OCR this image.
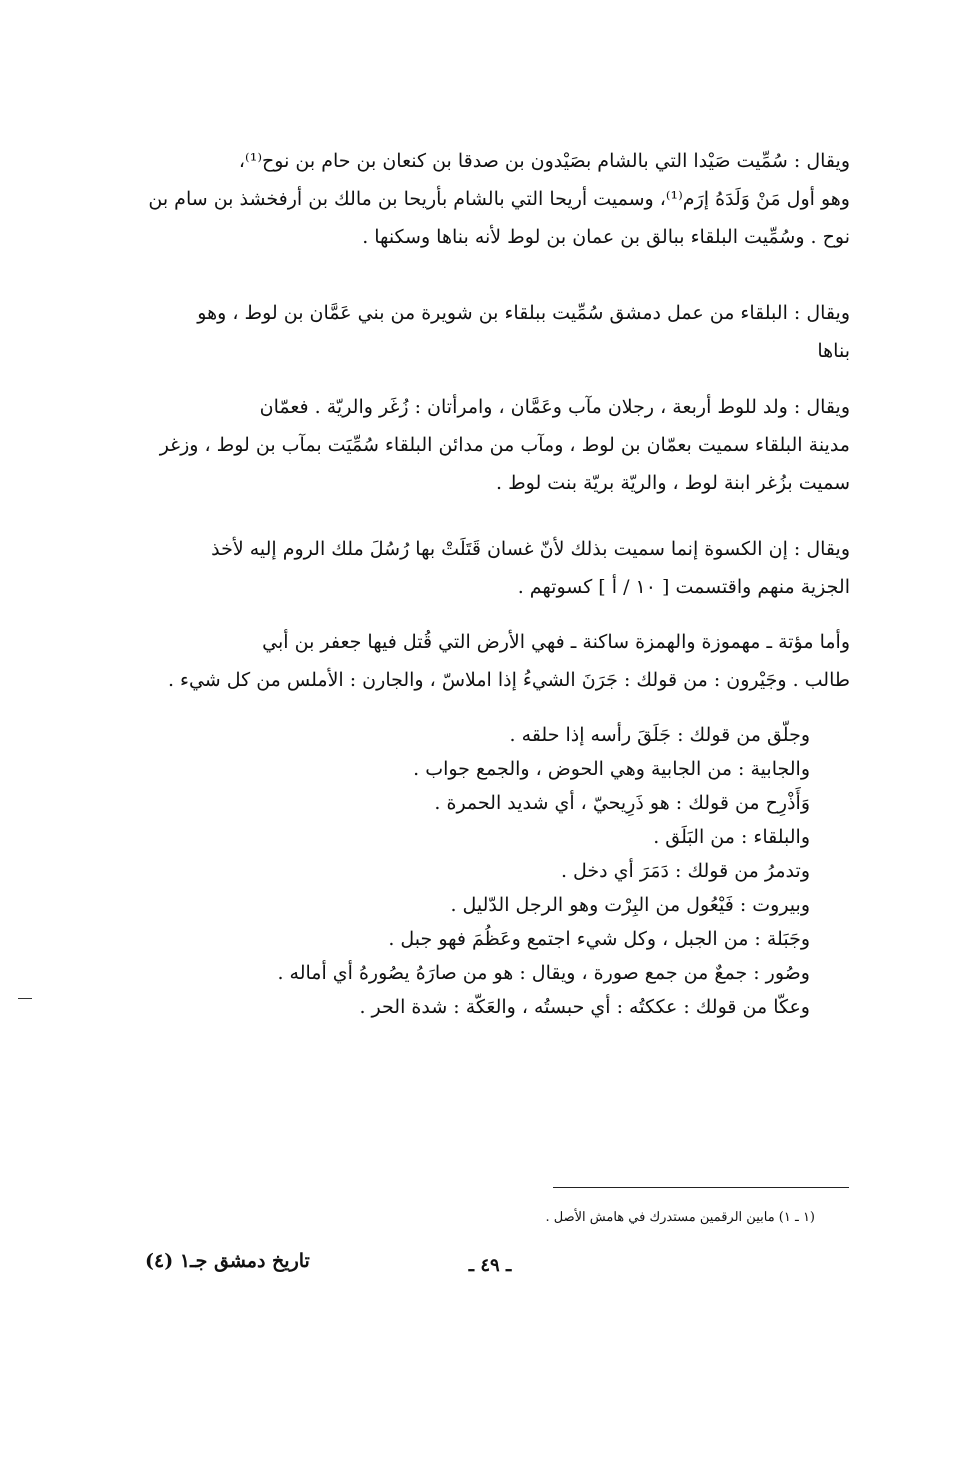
ويقال : سُمِّيت صَيْدا التي بالشام بصَيْدون بن صدقا بن كنعان بن حام بن نوح⁽¹⁾،
وهو أول مَنْ وَلَدَهُ إرَم⁽¹⁾، وسميت أريحا التي بالشام بأريحا بن مالك بن أرفخشذ بن سام بن
نوح . وسُمِّيت البلقاء ببالق بن عمان بن لوط لأنه بناها وسكنها .
ويقال : البلقاء من عمل دمشق سُمِّيت ببلقاء بن شويرة من بني عَمَّان بن لوط ، وهو
بناها
ويقال : ولد للوط أربعة ، رجلان مآب وعَمَّان ، وامرأتان : زُغَر والريّة . فعمّان
مدينة البلقاء سميت بعمّان بن لوط ، ومآب من مدائن البلقاء سُمِّيَت بمآب بن لوط ، وزغر
سميت بزُغر ابنة لوط ، والريّة بريّة بنت لوط .
ويقال : إن الكسوة إنما سميت بذلك لأنّ غسان قَتَلَتْ بها رُسُلَ ملك الروم إليه لأخذ
الجزية منهم واقتسمت [ ١٠ / أ ] كسوتهم .
وأما مؤتة ـ مهموزة والهمزة ساكنة ـ فهي الأرض التي قُتل فيها جعفر بن أبي
طالب . وجَيْرون : من قولك : جَرَنَ الشيءُ إذا املاسّ ، والجارن : الأملس من كل شيء .
وجلّق من قولك : جَلَقَ رأسه إذا حلقه .
والجابية : من الجابية وهي الحوض ، والجمع جواب .
وَأَذْرِح من قولك : هو ذَرِيحيّ ، أي شديد الحمرة .
والبلقاء : من البَلَق .
وتدمرُ من قولك : دَمَرَ أي دخل .
وبيروت : فَيْعُول من البِرْت وهو الرجل الدّليل .
وجَبَلة : من الجبل ، وكل شيء اجتمع وعَظُمَ فهو جبل .
وصُور : جمعٌ من جمع صورة ، ويقال : هو من صارَهُ يصُورهُ أي أماله .
وعكّا من قولك : عككتُه : أي حبستُه ، والعَكّة : شدة الحر .
(١ ـ ١) مابين الرقمين مستدرك في هامش الأصل .
ـ ٤٩ ـ
تاريخ دمشق جـ١ (٤)
